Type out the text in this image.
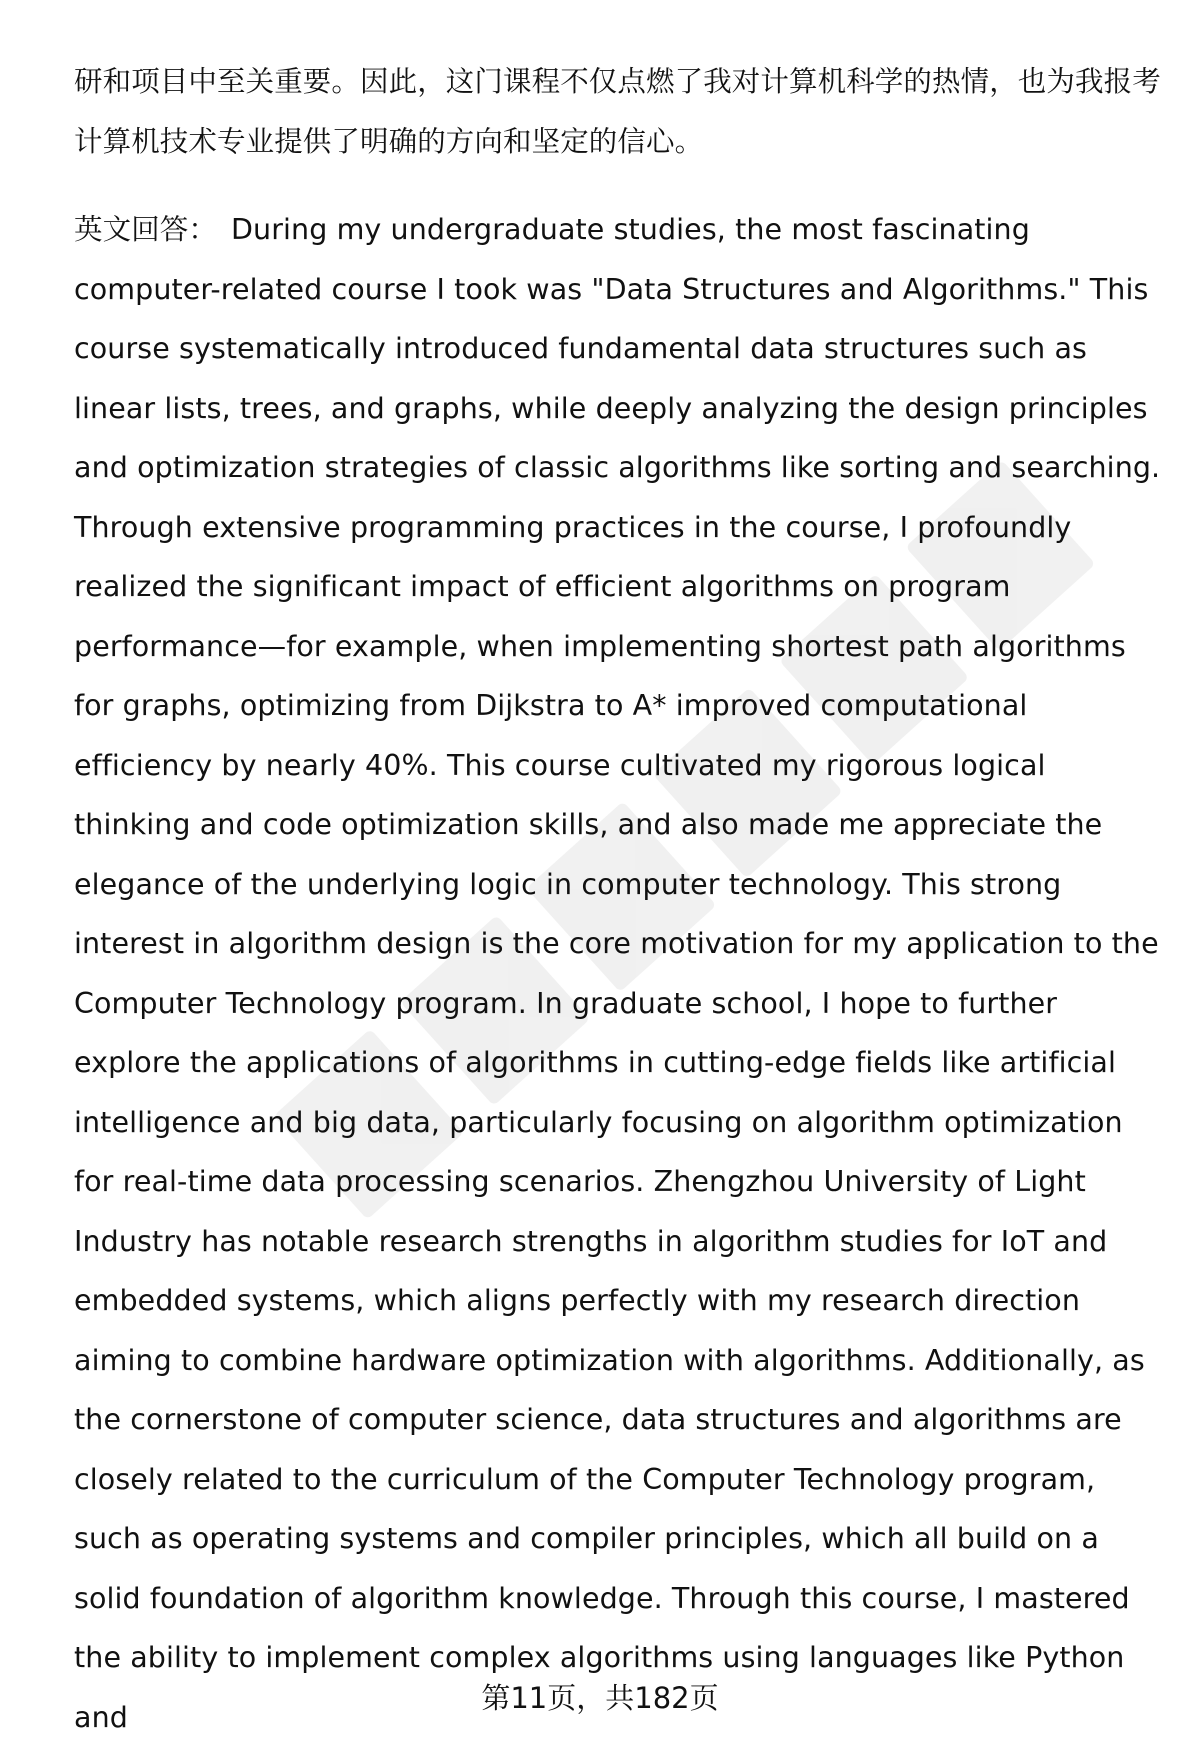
研和项目中至关重要。因此，这门课程不仅点燃了我对计算机科学的热情，也为我报考计算机技术专业提供了明确的方向和坚定的信心。

英文回答： During my undergraduate studies, the most fascinating computer-related course I took was "Data Structures and Algorithms." This course systematically introduced fundamental data structures such as linear lists, trees, and graphs, while deeply analyzing the design principles and optimization strategies of classic algorithms like sorting and searching. Through extensive programming practices in the course, I profoundly realized the significant impact of efficient algorithms on program performance—for example, when implementing shortest path algorithms for graphs, optimizing from Dijkstra to A* improved computational efficiency by nearly 40%. This course cultivated my rigorous logical thinking and code optimization skills, and also made me appreciate the elegance of the underlying logic in computer technology. This strong interest in algorithm design is the core motivation for my application to the Computer Technology program. In graduate school, I hope to further explore the applications of algorithms in cutting-edge fields like artificial intelligence and big data, particularly focusing on algorithm optimization for real-time data processing scenarios. Zhengzhou University of Light Industry has notable research strengths in algorithm studies for IoT and embedded systems, which aligns perfectly with my research direction aiming to combine hardware optimization with algorithms. Additionally, as the cornerstone of computer science, data structures and algorithms are closely related to the curriculum of the Computer Technology program, such as operating systems and compiler principles, which all build on a solid foundation of algorithm knowledge. Through this course, I mastered the ability to implement complex algorithms using languages like Python and

第11页，共182页
